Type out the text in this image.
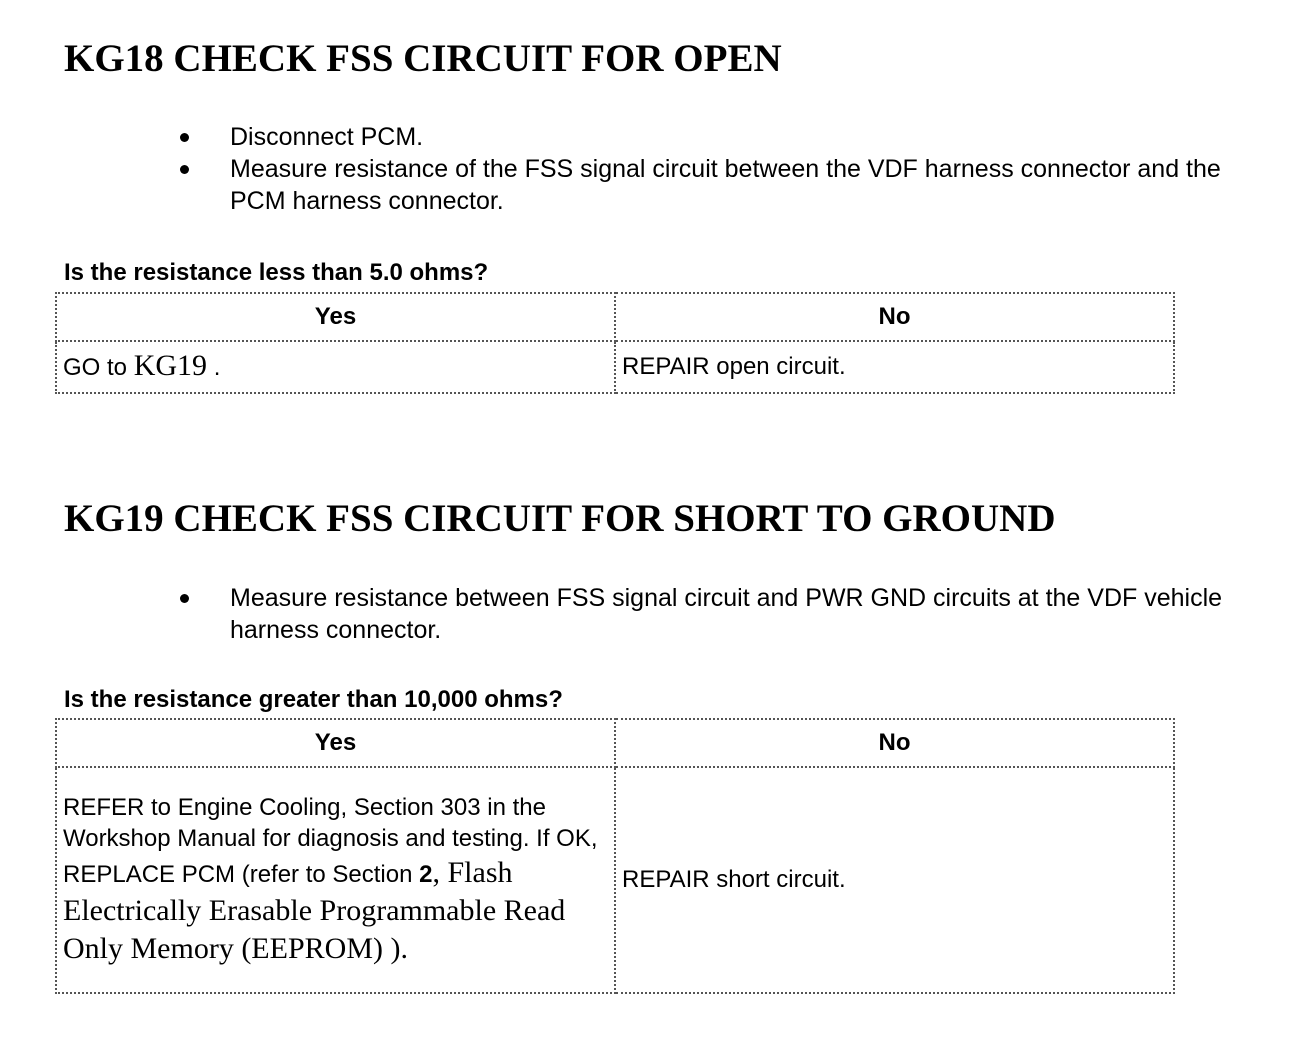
KG18 CHECK FSS CIRCUIT FOR OPEN
Disconnect PCM.
Measure resistance of the FSS signal circuit between the VDF harness connector and the PCM harness connector.

Is the resistance less than 5.0 ohms?

Yes	No
GO to KG19 .	REPAIR open circuit.
KG19 CHECK FSS CIRCUIT FOR SHORT TO GROUND
Measure resistance between FSS signal circuit and PWR GND circuits at the VDF vehicle harness connector.

Is the resistance greater than 10,000 ohms?

Yes	No
REFER to Engine Cooling, Section 303 in the Workshop Manual for diagnosis and testing. If OK, REPLACE PCM (refer to Section 2, Flash Electrically Erasable Programmable Read Only Memory (EEPROM) ).	REPAIR short circuit.
